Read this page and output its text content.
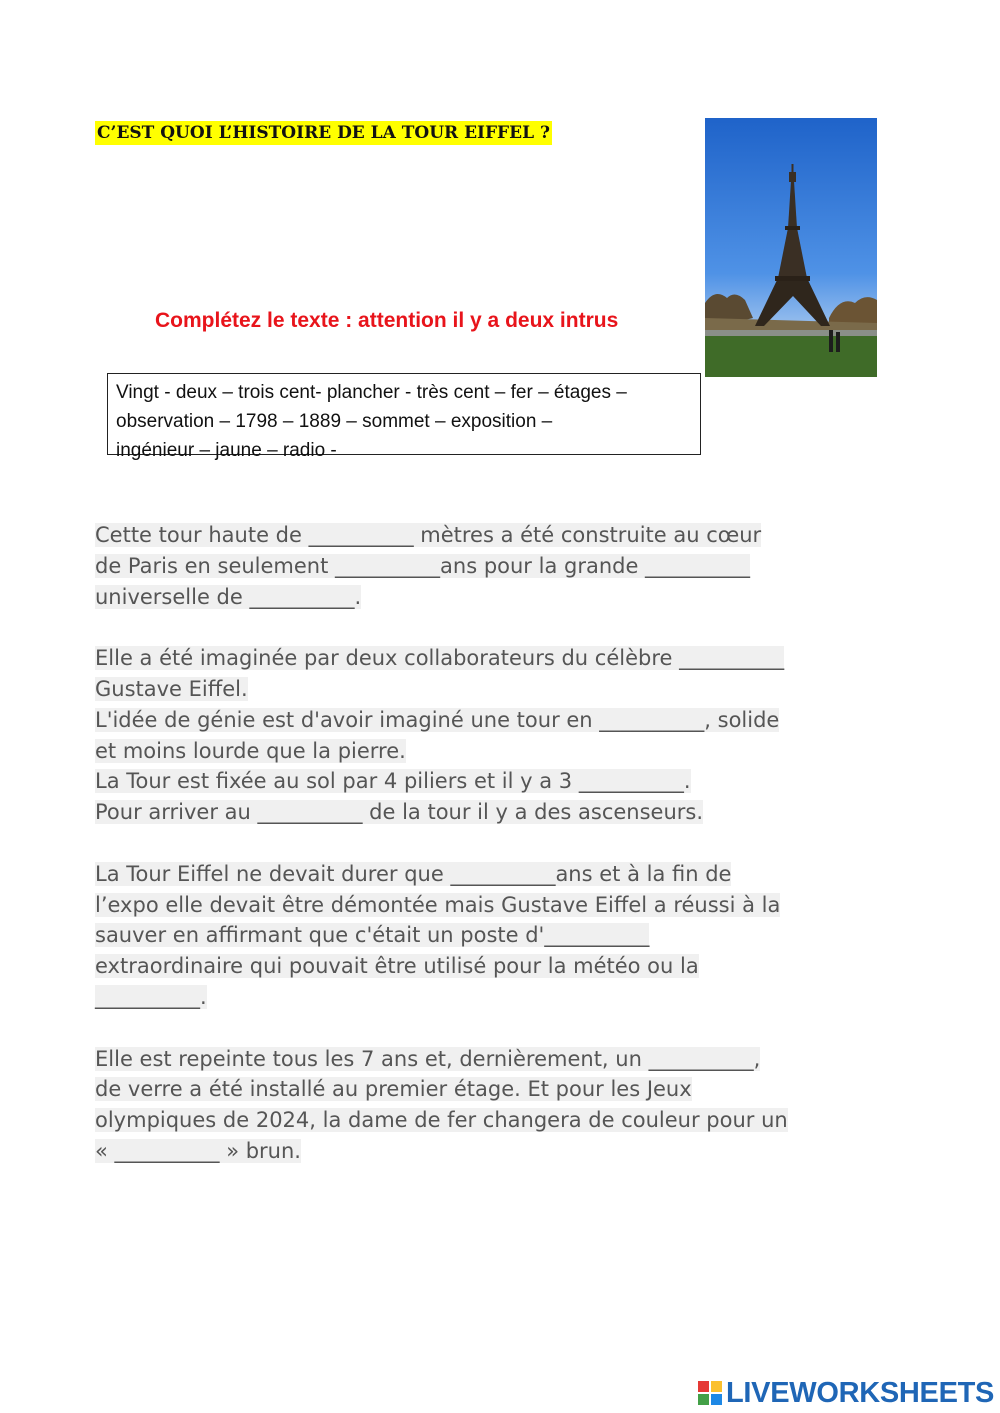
C’EST QUOI L’HISTOIRE DE LA TOUR EIFFEL ?
Complétez le texte : attention il y a deux intrus
Vingt - deux – trois cent- plancher - très cent – fer – étages –
observation – 1798 – 1889 – sommet – exposition –
ingénieur – jaune – radio -
Cette tour haute de __________ mètres a été construite au cœur
de Paris en seulement __________ans pour la grande __________
universelle de __________.
Elle a été imaginée par deux collaborateurs du célèbre __________
Gustave Eiffel.
L'idée de génie est d'avoir imaginé une tour en __________, solide
et moins lourde que la pierre.
La Tour est fixée au sol par 4 piliers et il y a 3 __________.
Pour arriver au __________ de la tour il y a des ascenseurs.
La Tour Eiffel ne devait durer que __________ans et à la fin de
l’expo elle devait être démontée mais Gustave Eiffel a réussi à la
sauver en affirmant que c'était un poste d'__________
extraordinaire qui pouvait être utilisé pour la météo ou la
__________.
Elle est repeinte tous les 7 ans et, dernièrement, un __________,
de verre a été installé au premier étage. Et pour les Jeux
olympiques de 2024, la dame de fer changera de couleur pour un
« __________ » brun.
LIVEWORKSHEETS
